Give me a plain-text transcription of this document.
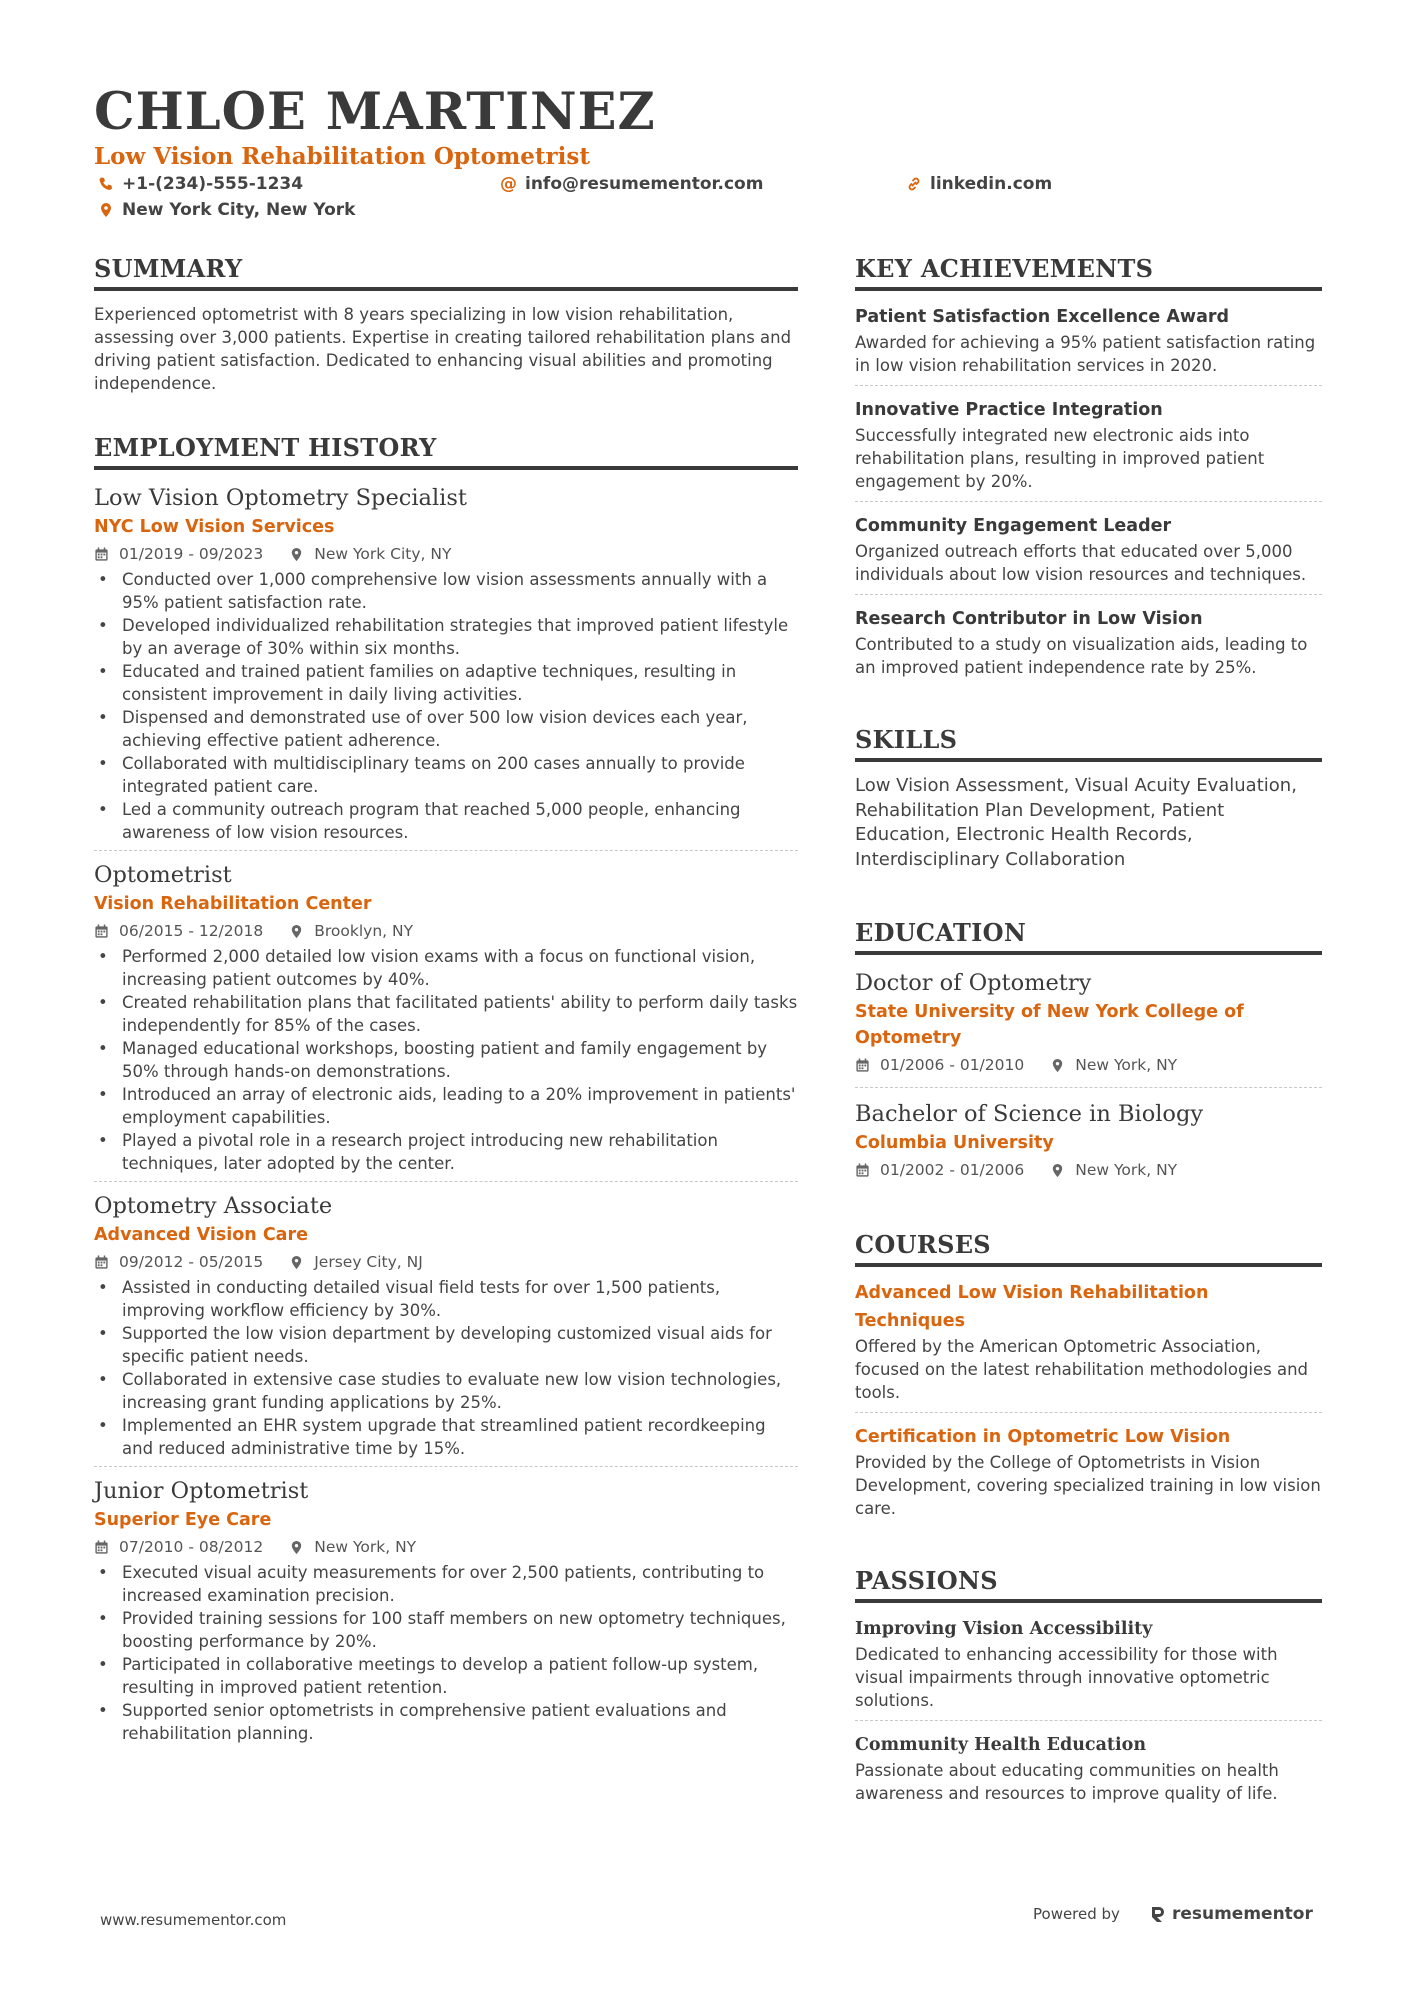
CHLOE MARTINEZ
Low Vision Rehabilitation Optometrist
+1-(234)-555-1234	@ info@resumementor.com	linkedin.com
New York City, New York
SUMMARY

Experienced optometrist with 8 years specializing in low vision rehabilitation, assessing over 3,000 patients. Expertise in creating tailored rehabilitation plans and driving patient satisfaction. Dedicated to enhancing visual abilities and promoting independence.

EMPLOYMENT HISTORY
Low Vision Optometry Specialist
NYC Low Vision Services
01/2019 - 09/2023	New York City, NY
• Conducted over 1,000 comprehensive low vision assessments annually with a 95% patient satisfaction rate.
• Developed individualized rehabilitation strategies that improved patient lifestyle by an average of 30% within six months.
• Educated and trained patient families on adaptive techniques, resulting in consistent improvement in daily living activities.
• Dispensed and demonstrated use of over 500 low vision devices each year, achieving effective patient adherence.
• Collaborated with multidisciplinary teams on 200 cases annually to provide integrated patient care.
• Led a community outreach program that reached 5,000 people, enhancing awareness of low vision resources.
Optometrist
Vision Rehabilitation Center
06/2015 - 12/2018	Brooklyn, NY
• Performed 2,000 detailed low vision exams with a focus on functional vision, increasing patient outcomes by 40%.
• Created rehabilitation plans that facilitated patients' ability to perform daily tasks independently for 85% of the cases.
• Managed educational workshops, boosting patient and family engagement by 50% through hands-on demonstrations.
• Introduced an array of electronic aids, leading to a 20% improvement in patients' employment capabilities.
• Played a pivotal role in a research project introducing new rehabilitation techniques, later adopted by the center.
Optometry Associate
Advanced Vision Care
09/2012 - 05/2015	Jersey City, NJ
• Assisted in conducting detailed visual field tests for over 1,500 patients, improving workflow efficiency by 30%.
• Supported the low vision department by developing customized visual aids for specific patient needs.
• Collaborated in extensive case studies to evaluate new low vision technologies, increasing grant funding applications by 25%.
• Implemented an EHR system upgrade that streamlined patient recordkeeping and reduced administrative time by 15%.
Junior Optometrist
Superior Eye Care
07/2010 - 08/2012	New York, NY
• Executed visual acuity measurements for over 2,500 patients, contributing to increased examination precision.
• Provided training sessions for 100 staff members on new optometry techniques, boosting performance by 20%.
• Participated in collaborative meetings to develop a patient follow-up system, resulting in improved patient retention.
• Supported senior optometrists in comprehensive patient evaluations and rehabilitation planning.
KEY ACHIEVEMENTS
Patient Satisfaction Excellence Award

Awarded for achieving a 95% patient satisfaction rating in low vision rehabilitation services in 2020.

Innovative Practice Integration

Successfully integrated new electronic aids into rehabilitation plans, resulting in improved patient engagement by 20%.

Community Engagement Leader

Organized outreach efforts that educated over 5,000 individuals about low vision resources and techniques.

Research Contributor in Low Vision

Contributed to a study on visualization aids, leading to an improved patient independence rate by 25%.

SKILLS

Low Vision Assessment, Visual Acuity Evaluation, Rehabilitation Plan Development, Patient Education, Electronic Health Records, Interdisciplinary Collaboration

EDUCATION
Doctor of Optometry
State University of New York College of Optometry
01/2006 - 01/2010	New York, NY
Bachelor of Science in Biology
Columbia University
01/2002 - 01/2006	New York, NY
COURSES
Advanced Low Vision Rehabilitation Techniques

Offered by the American Optometric Association, focused on the latest rehabilitation methodologies and tools.

Certification in Optometric Low Vision

Provided by the College of Optometrists in Vision Development, covering specialized training in low vision care.

PASSIONS
Improving Vision Accessibility

Dedicated to enhancing accessibility for those with visual impairments through innovative optometric solutions.

Community Health Education

Passionate about educating communities on health awareness and resources to improve quality of life.

www.resumementor.com	Powered by	resumementor
